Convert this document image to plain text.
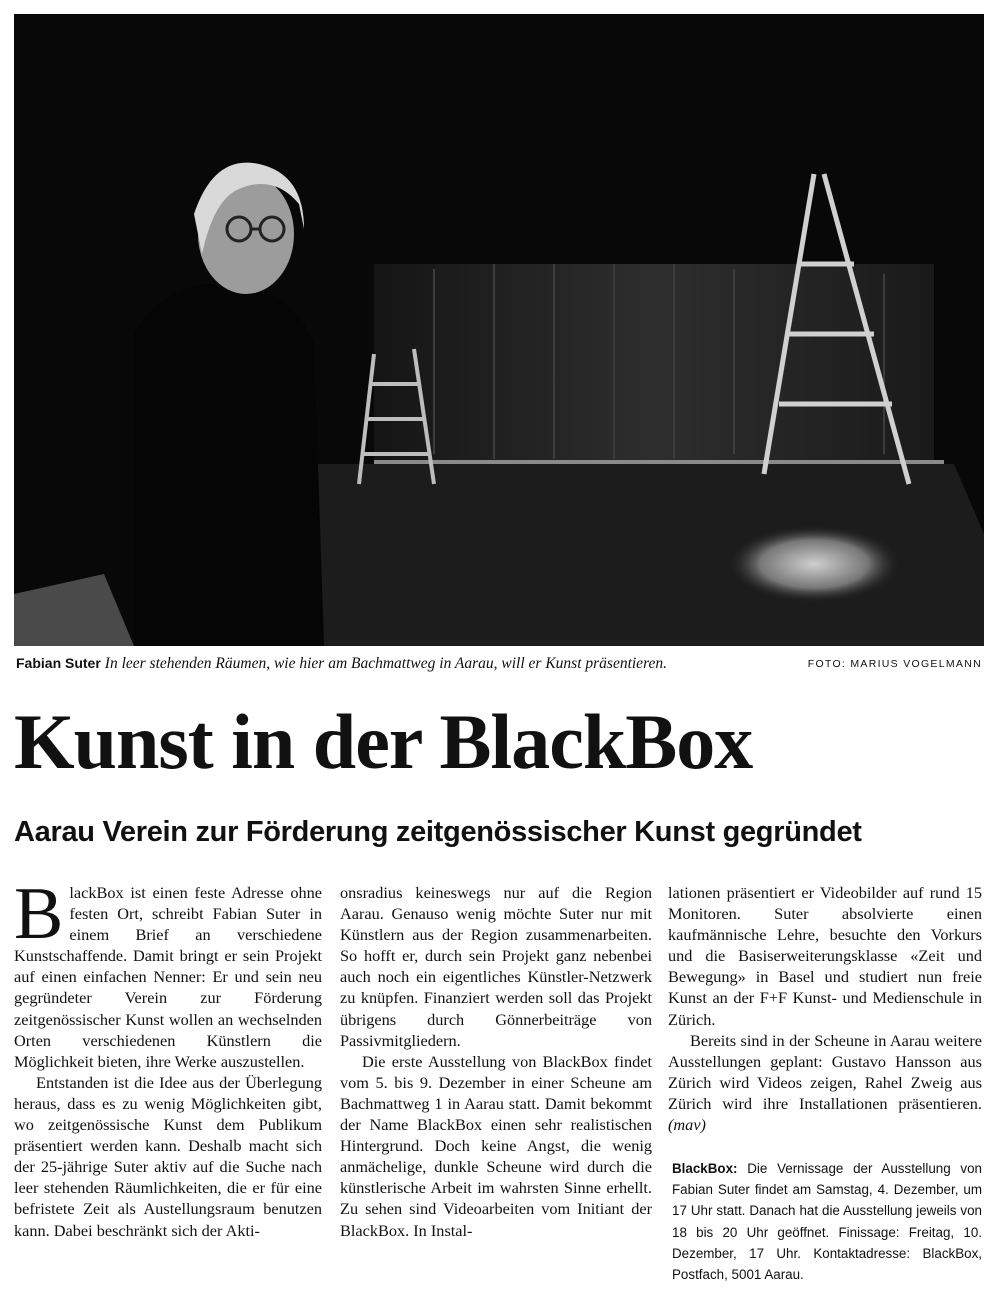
Fabian Suter In leer stehenden Räumen, wie hier am Bachmattweg in Aarau, will er Kunst präsentieren.	FOTO: MARIUS VOGELMANN
Kunst in der BlackBox
Aarau Verein zur Förderung zeitgenössischer Kunst gegründet

BlackBox ist einen feste Adresse ohne festen Ort, schreibt Fabian Suter in einem Brief an verschiedene Kunstschaffende. Damit bringt er sein Projekt auf einen einfachen Nenner: Er und sein neu gegründeter Verein zur Förderung zeitgenössischer Kunst wollen an wechselnden Orten verschiedenen Künstlern die Möglichkeit bieten, ihre Werke auszustellen.

Entstanden ist die Idee aus der Überlegung heraus, dass es zu wenig Möglichkeiten gibt, wo zeitgenössische Kunst dem Publikum präsentiert werden kann. Deshalb macht sich der 25-jährige Suter aktiv auf die Suche nach leer stehenden Räumlichkeiten, die er für eine befristete Zeit als Austellungsraum benutzen kann. Dabei beschränkt sich der Akti-

onsradius keineswegs nur auf die Region Aarau. Genauso wenig möchte Suter nur mit Künstlern aus der Region zusammenarbeiten. So hofft er, durch sein Projekt ganz nebenbei auch noch ein eigentliches Künstler-Netzwerk zu knüpfen. Finanziert werden soll das Projekt übrigens durch Gönnerbeiträge von Passivmitgliedern.

Die erste Ausstellung von BlackBox findet vom 5. bis 9. Dezember in einer Scheune am Bachmattweg 1 in Aarau statt. Damit bekommt der Name BlackBox einen sehr realistischen Hintergrund. Doch keine Angst, die wenig anmächelige, dunkle Scheune wird durch die künstlerische Arbeit im wahrsten Sinne erhellt. Zu sehen sind Videoarbeiten vom Initiant der BlackBox. In Instal-

lationen präsentiert er Videobilder auf rund 15 Monitoren. Suter absolvierte einen kaufmännische Lehre, besuchte den Vorkurs und die Basiserweiterungsklasse «Zeit und Bewegung» in Basel und studiert nun freie Kunst an der F+F Kunst- und Medienschule in Zürich.

Bereits sind in der Scheune in Aarau weitere Ausstellungen geplant: Gustavo Hansson aus Zürich wird Videos zeigen, Rahel Zweig aus Zürich wird ihre Installationen präsentieren. (mav)

BlackBox: Die Vernissage der Ausstellung von Fabian Suter findet am Samstag, 4. Dezember, um 17 Uhr statt. Danach hat die Ausstellung jeweils von 18 bis 20 Uhr geöffnet. Finissage: Freitag, 10. Dezember, 17 Uhr. Kontaktadresse: BlackBox, Postfach, 5001 Aarau.
